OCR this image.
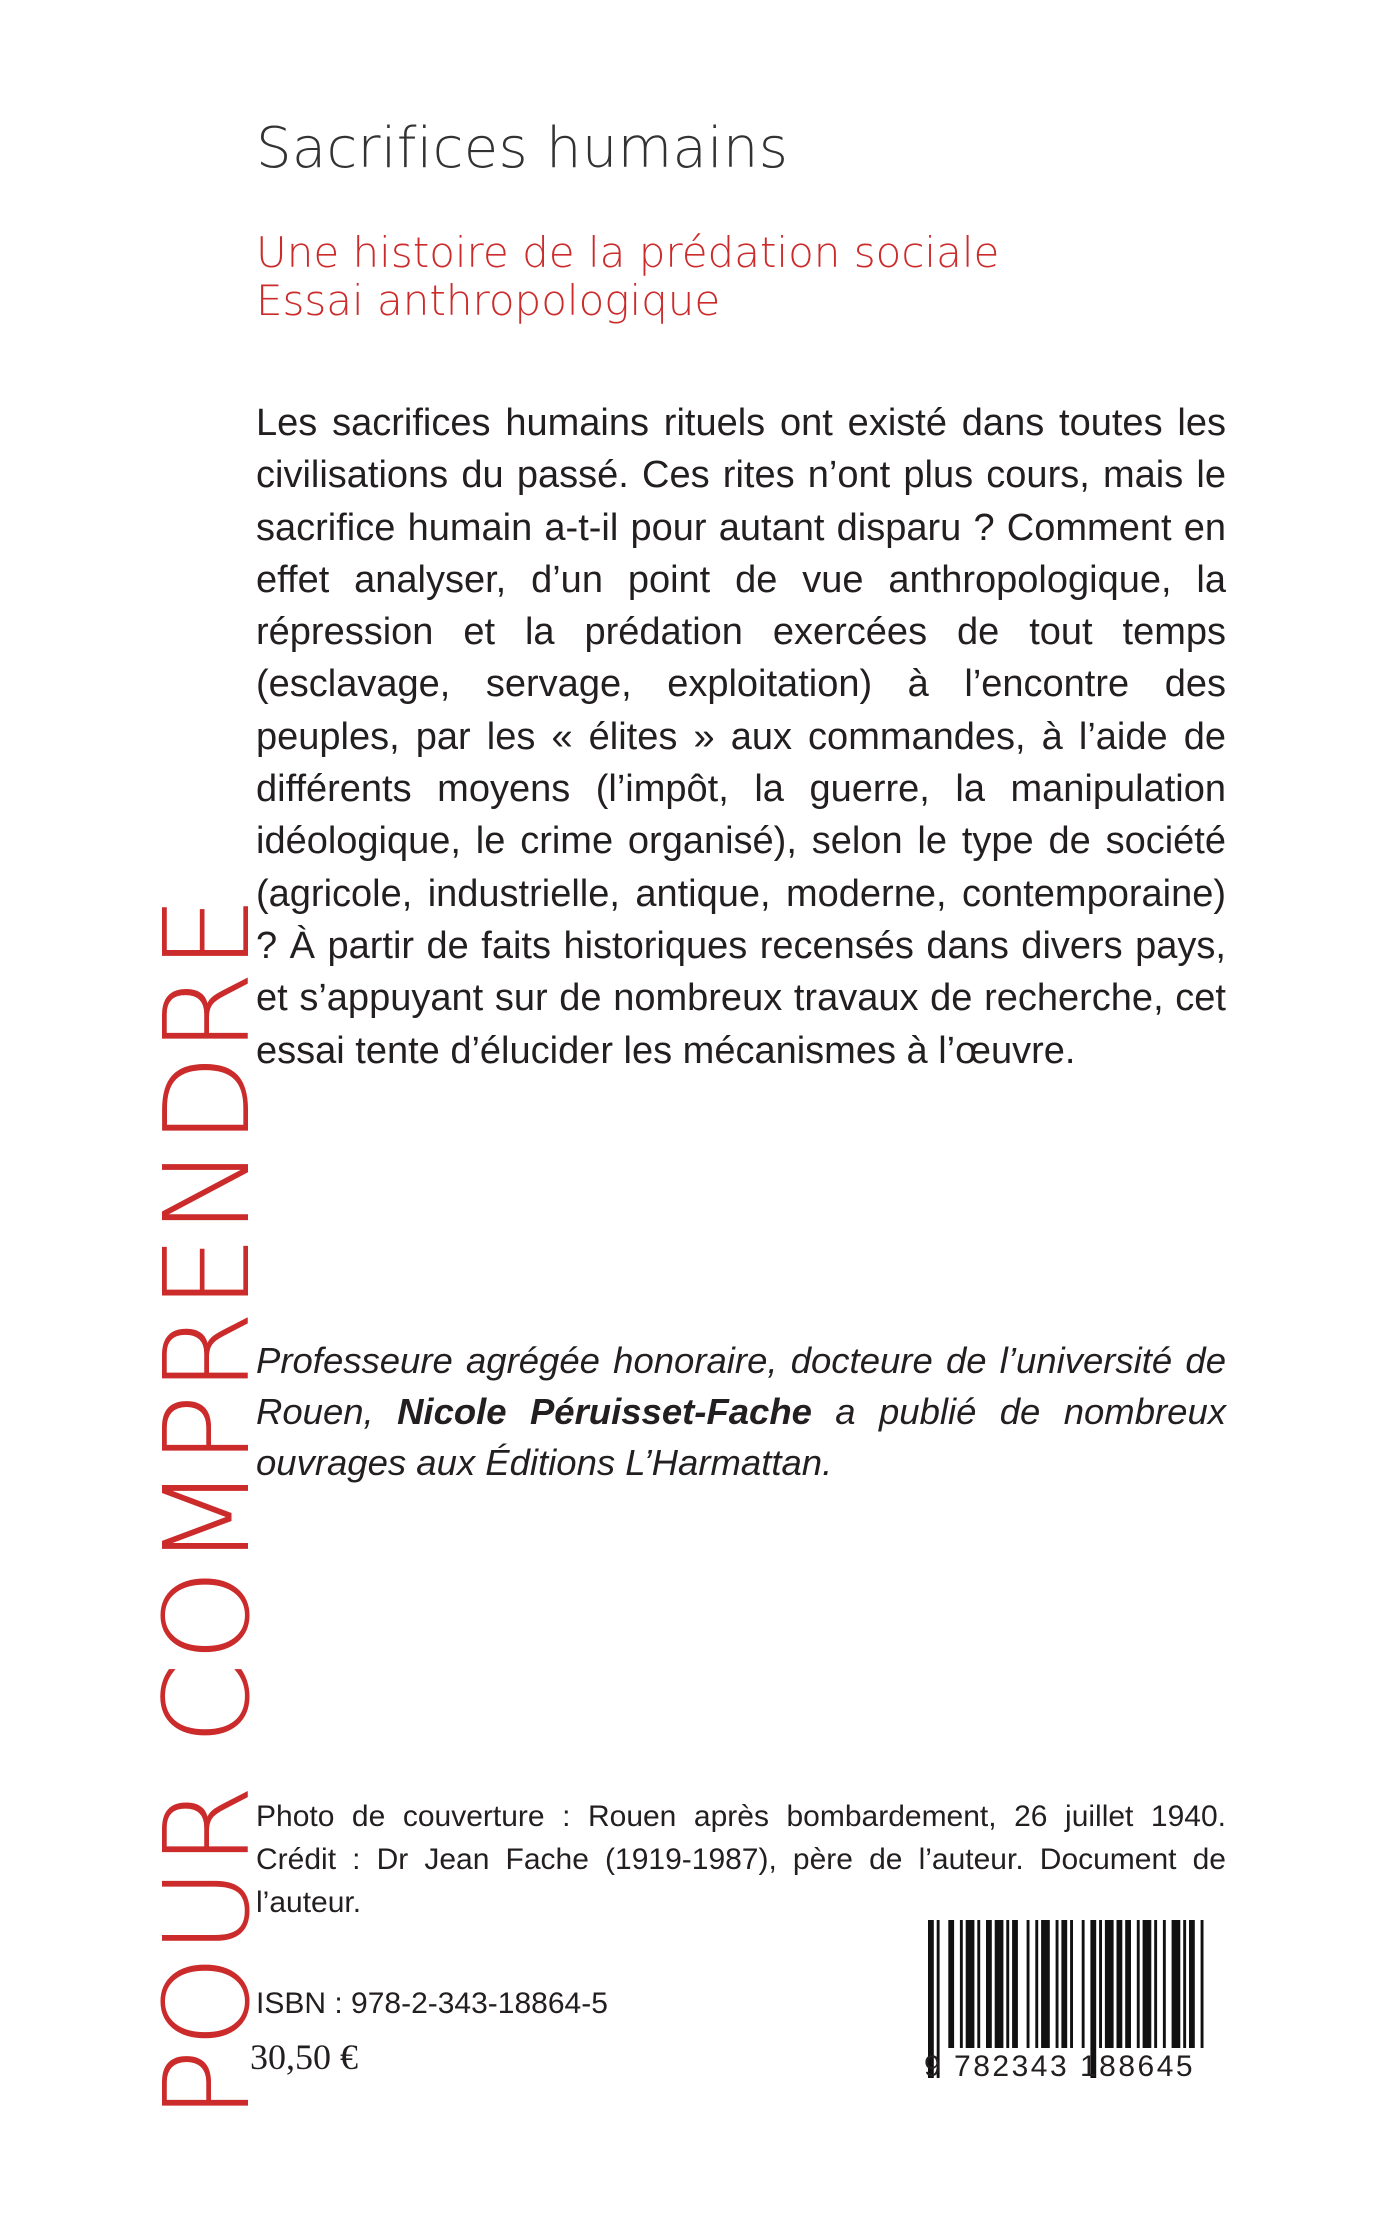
Sacrifices humains
Une histoire de la prédation sociale
Essai anthropologique

Les sacrifices humains rituels ont existé dans toutes les civilisations du passé. Ces rites n’ont plus cours, mais le sacrifice humain a-t-il pour autant disparu ? Comment en effet analyser, d’un point de vue anthropologique, la répression et la prédation exercées de tout temps (esclavage, servage, exploitation) à l’encontre des peuples, par les « élites » aux commandes, à l’aide de différents moyens (l’impôt, la guerre, la manipulation idéologique, le crime organisé), selon le type de société (agricole, industrielle, antique, moderne, contemporaine) ? À partir de faits historiques recensés dans divers pays, et s’appuyant sur de nombreux travaux de recherche, cet essai tente d’élucider les mécanismes à l’œuvre.

Professeure agrégée honoraire, docteure de l’université de Rouen, Nicole Péruisset-Fache a publié de nombreux ouvrages aux Éditions L’Harmattan.

Photo de couverture : Rouen après bombardement, 26 juillet 1940. Crédit : Dr Jean Fache (1919-1987), père de l’auteur. Document de l’auteur.

ISBN : 978-2-343-18864-5
30,50 €
POUR COMPRENDRE	9 782343 188645
